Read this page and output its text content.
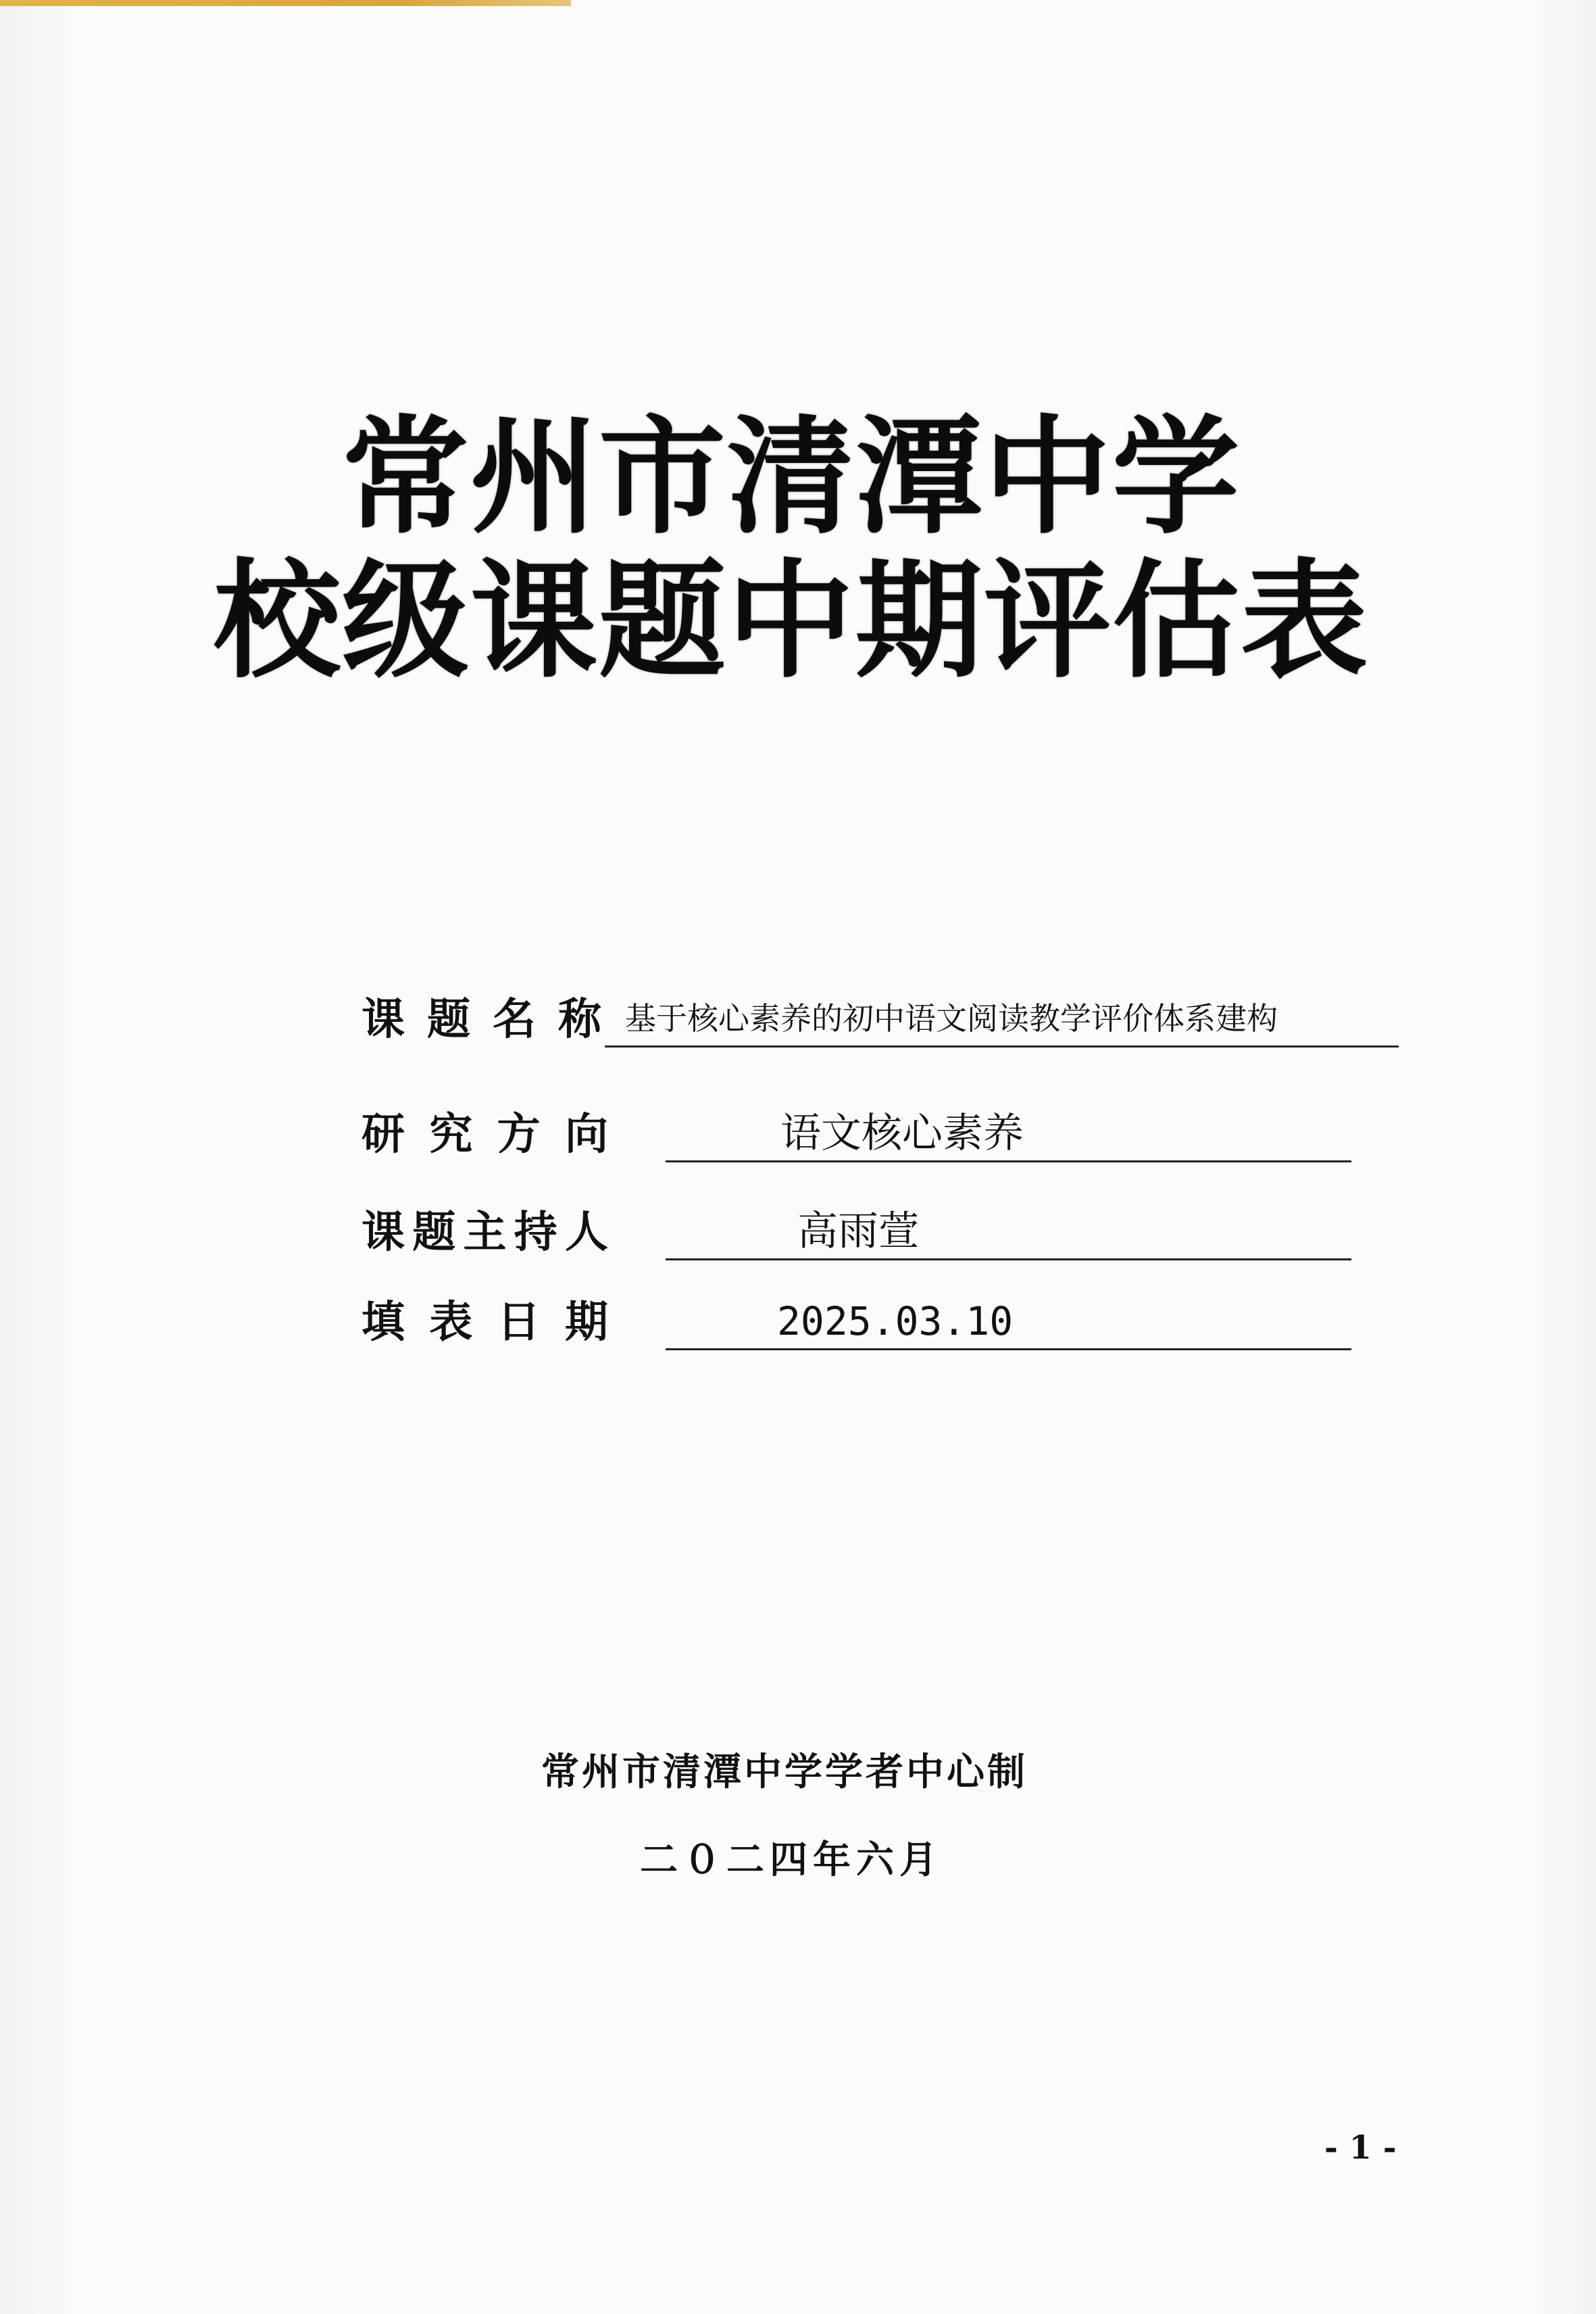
常州市清潭中学
校级课题中期评估表
课 题 名 称 基于核心素养的初中语文阅读教学评价体系建构
研 究 方 向	语文核心素养
课 题 主 持 人	高雨萱
填 表 日 期	2025.03.10
常州市清潭中学学者中心制
二０二四年六月
- 1 -
